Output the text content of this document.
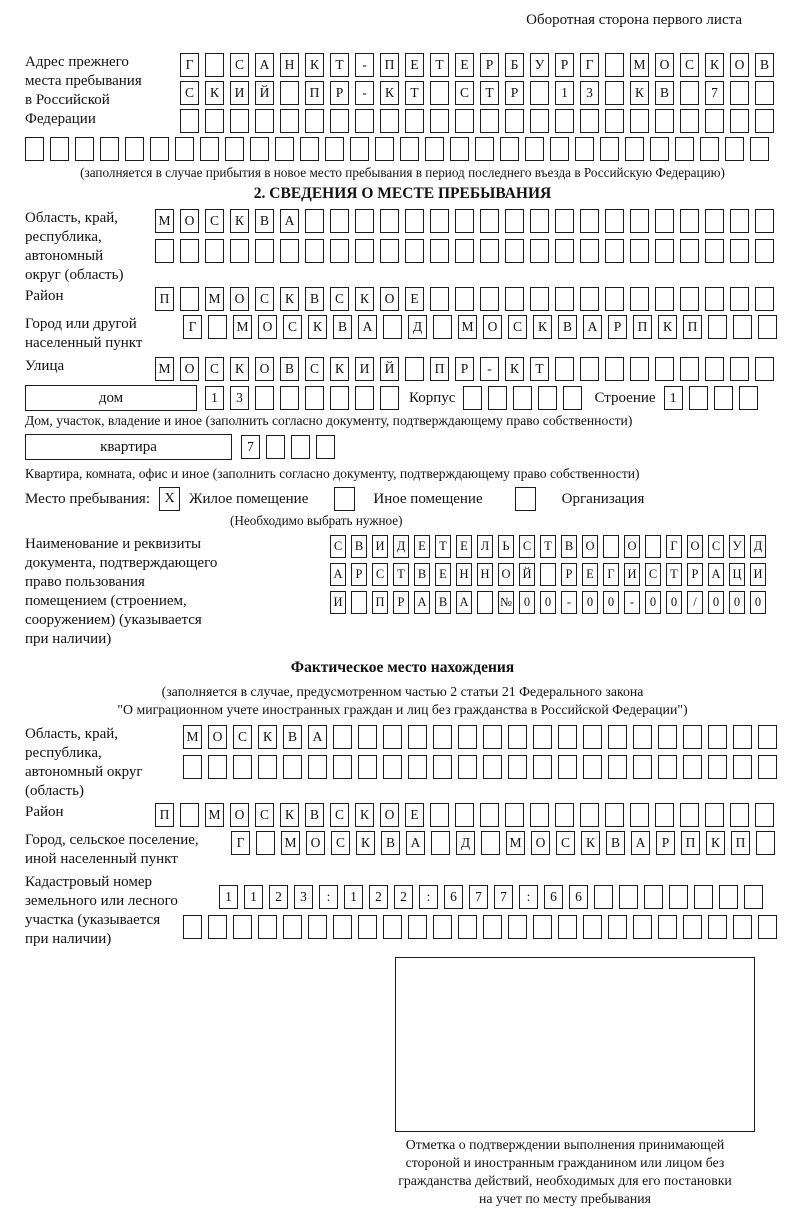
Оборотная сторона первого листа
Адрес прежнего
места пребывания
в Российской
Федерации
Г	С	А	Н	К	Т	-	П	Е	Т	Е	Р	Б	У	Р	Г	М	О	С	К	О	В
С	К	И	Й	П	Р	-	К	Т	С	Т	Р	1	3	К	В	7
(заполняется в случае прибытия в новое место пребывания в период последнего въезда в Российскую Федерацию)
2. СВЕДЕНИЯ О МЕСТЕ ПРЕБЫВАНИЯ
Область, край,
республика,
автономный
округ (область)
М	О	С	К	В	А
Район	П	М	О	С	К	В	С	К	О	Е
Город или другой
населенный пункт
Г	М	О	С	К	В	А	Д	М	О	С	К	В	А	Р	П	К	П
Улица	М	О	С	К	О	В	С	К	И	Й	П	Р	-	К	Т
дом	1	3	Корпус	Строение	1
Дом, участок, владение и иное (заполнить согласно документу, подтверждающему право собственности)
квартира	7
Квартира, комната, офис и иное (заполнить согласно документу, подтверждающему право собственности)
Место пребывания:	X Жилое помещение	Иное помещение	Организация
(Необходимо выбрать нужное)
Наименование и реквизиты
документа, подтверждающего
право пользования
помещением (строением,
сооружением) (указывается
при наличии)
С	В И Д	Е	Т	Е	Л	Ь	С	Т	В О	О	Г	О С У Д
А	Р	С	Т	В	Е	Н Н О Й	Р	Е	Г	И С	Т	Р	А Ц И
И	П	Р	А В А	№ 0	0	-	0	0	-	0	0	/	0	0	0
Фактическое место нахождения
(заполняется в случае, предусмотренном частью 2 статьи 21 Федерального закона
"О миграционном учете иностранных граждан и лиц без гражданства в Российской Федерации")
Область, край,
республика,
автономный округ
(область)
М	О	С	К	В	А
Район	П	М	О	С	К	В	С	К	О	Е
Город, сельское поселение,
иной населенный пункт
Г	М	О	С	К	В	А	Д	М	О	С	К	В	А	Р	П	К	П
Кадастровый номер
земельного или лесного
участка (указывается
при наличии)
1	1	2	3	:	1	2	2	:	6	7	7	:	6	6
Отметка о подтверждении выполнения принимающей
стороной и иностранным гражданином или лицом без
гражданства действий, необходимых для его постановки
на учет по месту пребывания
